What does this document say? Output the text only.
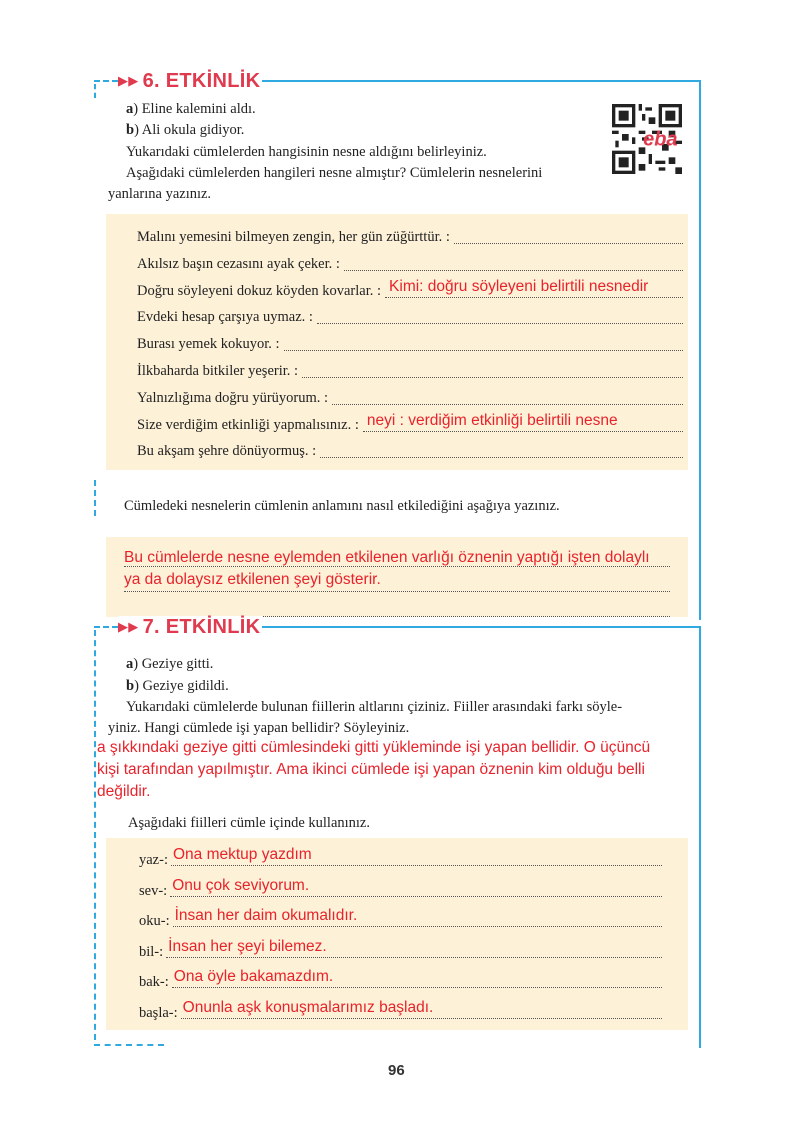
▶▶ 6. ETKİNLİK
a) Eline kalemini aldı.
b) Ali okula gidiyor.
Yukarıdaki cümlelerden hangisinin nesne aldığını belirleyiniz.
Aşağıdaki cümlelerden hangileri nesne almıştır? Cümlelerin nesnelerini
yanlarına yazınız.
eba
Malını yemesini bilmeyen zengin, her gün züğürttür. :
Akılsız başın cezasını ayak çeker. :
Doğru söyleyeni dokuz köyden kovarlar. : Kimi: doğru söyleyeni belirtili nesnedir
Evdeki hesap çarşıya uymaz. :
Burası yemek kokuyor. :
İlkbaharda bitkiler yeşerir. :
Yalnızlığıma doğru yürüyorum. :
Size verdiğim etkinliği yapmalısınız. : neyi : verdiğim etkinliği belirtili nesne
Bu akşam şehre dönüyormuş. :
Cümledeki nesnelerin cümlenin anlamını nasıl etkilediğini aşağıya yazınız.
Bu cümlelerde nesne eylemden etkilenen varlığı öznenin yaptığı işten dolaylı
ya da dolaysız etkilenen şeyi gösterir.
▶▶ 7. ETKİNLİK
a) Geziye gitti.
b) Geziye gidildi.
Yukarıdaki cümlelerde bulunan fiillerin altlarını çiziniz. Fiiller arasındaki farkı söyle-
yiniz. Hangi cümlede işi yapan bellidir? Söyleyiniz.
a şıkkındaki geziye gitti cümlesindeki gitti yükleminde işi yapan bellidir. O üçüncü
kişi tarafından yapılmıştır. Ama ikinci cümlede işi yapan öznenin kim olduğu belli
değildir.
Aşağıdaki fiilleri cümle içinde kullanınız.
yaz-: Ona mektup yazdım
sev-: Onu çok seviyorum.
oku-: İnsan her daim okumalıdır.
bil-: İnsan her şeyi bilemez.
bak-: Ona öyle bakamazdım.
başla-: Onunla aşk konuşmalarımız başladı.
96
